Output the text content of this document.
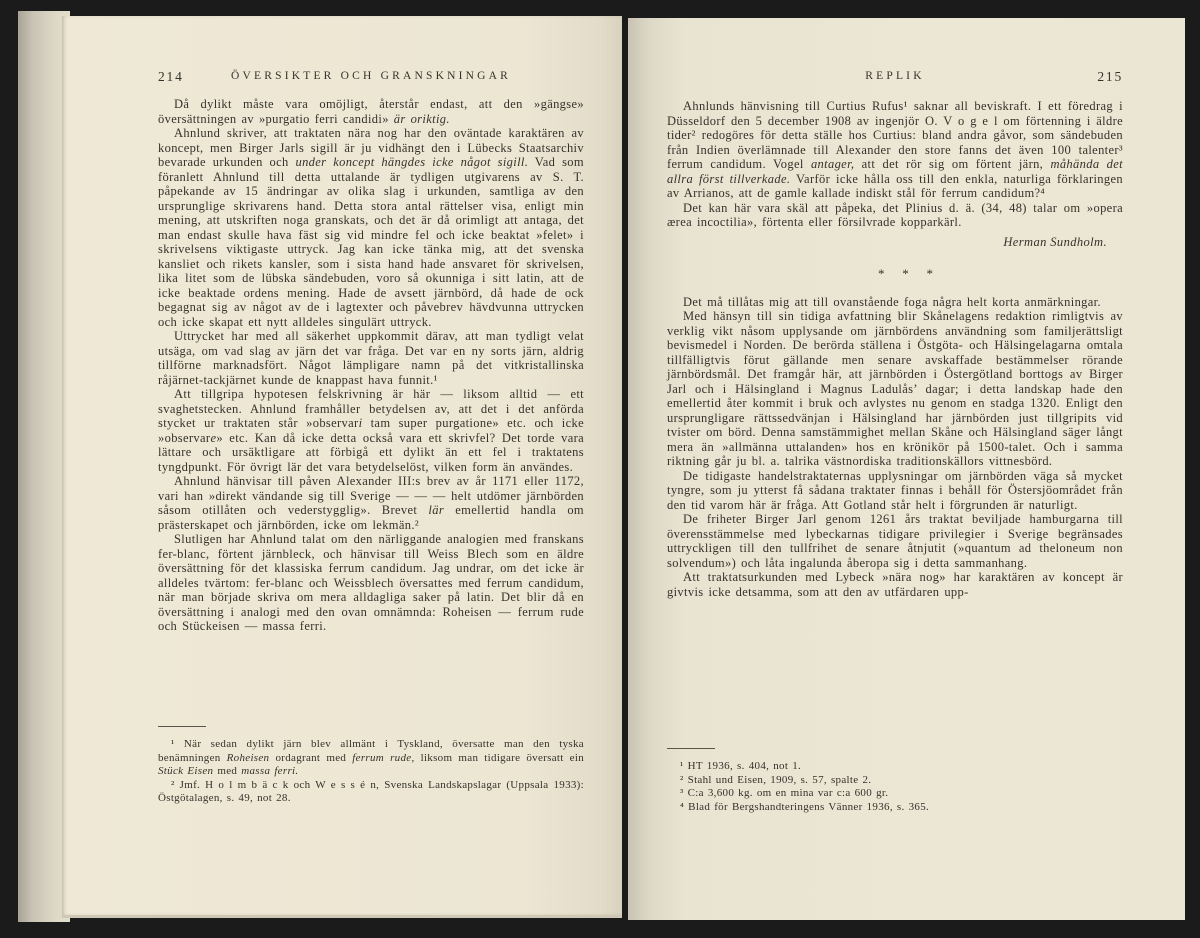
214	ÖVERSIKTER OCH GRANSKNINGAR

Då dylikt måste vara omöjligt, återstår endast, att den »gängse» översättningen av »purgatio ferri candidi» är oriktig.

Ahnlund skriver, att traktaten nära nog har den oväntade karaktären av koncept, men Birger Jarls sigill är ju vidhängt den i Lübecks Staatsarchiv bevarade urkunden och under koncept hängdes icke något sigill. Vad som föranlett Ahnlund till detta uttalande är tydligen utgivarens av S. T. påpekande av 15 ändringar av olika slag i urkunden, samtliga av den ursprunglige skrivarens hand. Detta stora antal rättelser visa, enligt min mening, att utskriften noga granskats, och det är då orimligt att antaga, det man endast skulle hava fäst sig vid mindre fel och icke beaktat »felet» i skrivelsens viktigaste uttryck. Jag kan icke tänka mig, att det svenska kansliet och rikets kansler, som i sista hand hade ansvaret för skrivelsen, lika litet som de lübska sändebuden, voro så okunniga i sitt latin, att de icke beaktade ordens mening. Hade de avsett järnbörd, då hade de ock begagnat sig av något av de i lagtexter och påvebrev hävdvunna uttrycken och icke skapat ett nytt alldeles singulärt uttryck.

Uttrycket har med all säkerhet uppkommit därav, att man tydligt velat utsäga, om vad slag av järn det var fråga. Det var en ny sorts järn, aldrig tillförne marknadsfört. Något lämpligare namn på det vitkristallinska råjärnet-tackjärnet kunde de knappast hava funnit.¹

Att tillgripa hypotesen felskrivning är här — liksom alltid — ett svaghetstecken. Ahnlund framhåller betydelsen av, att det i det anförda stycket ur traktaten står »observari tam super purgatione» etc. och icke »observare» etc. Kan då icke detta också vara ett skrivfel? Det torde vara lättare och ursäktligare att förbigå ett dylikt än ett fel i traktatens tyngdpunkt. För övrigt lär det vara betydelselöst, vilken form än användes.

Ahnlund hänvisar till påven Alexander III:s brev av år 1171 eller 1172, vari han »direkt vändande sig till Sverige — — — helt utdömer järnbörden såsom otillåten och vederstygglig». Brevet lär emellertid handla om prästerskapet och järnbörden, icke om lekmän.²

Slutligen har Ahnlund talat om den närliggande analogien med franskans fer-blanc, förtent järnbleck, och hänvisar till Weiss Blech som en äldre översättning för det klassiska ferrum candidum. Jag undrar, om det icke är alldeles tvärtom: fer-blanc och Weissblech översattes med ferrum candidum, när man började skriva om mera alldagliga saker på latin. Det blir då en översättning i analogi med den ovan omnämnda: Roheisen — ferrum rude och Stückeisen — massa ferri.

¹ När sedan dylikt järn blev allmänt i Tyskland, översatte man den tyska benämningen Roheisen ordagrant med ferrum rude, liksom man tidigare översatt ein Stück Eisen med massa ferri.

² Jmf. H o l m b ä c k och W e s s é n, Svenska Landskapslagar (Uppsala 1933): Östgötalagen, s. 49, not 28.

REPLIK	215

Ahnlunds hänvisning till Curtius Rufus¹ saknar all beviskraft. I ett föredrag i Düsseldorf den 5 december 1908 av ingenjör O. V o g e l om förtenning i äldre tider² redogöres för detta ställe hos Curtius: bland andra gåvor, som sändebuden från Indien överlämnade till Alexander den store fanns det även 100 talenter³ ferrum candidum. Vogel antager, att det rör sig om förtent järn, måhända det allra först tillverkade. Varför icke hålla oss till den enkla, naturliga förklaringen av Arrianos, att de gamle kallade indiskt stål för ferrum candidum?⁴

Det kan här vara skäl att påpeka, det Plinius d. ä. (34, 48) talar om »opera ærea incoctilia», förtenta eller försilvrade kopparkärl.

Herman Sundholm.
*   *   *

Det må tillåtas mig att till ovanstående foga några helt korta anmärkningar.

Med hänsyn till sin tidiga avfattning blir Skånelagens redaktion rimligtvis av verklig vikt nåsom upplysande om järnbördens användning som familjerättsligt bevismedel i Norden. De berörda ställena i Östgöta- och Hälsingelagarna omtala tillfälligtvis förut gällande men senare avskaffade bestämmelser rörande järnbördsmål. Det framgår här, att järnbörden i Östergötland borttogs av Birger Jarl och i Hälsingland i Magnus Ladulås’ dagar; i detta landskap hade den emellertid åter kommit i bruk och avlystes nu genom en stadga 1320. Enligt den ursprungligare rättssedvänjan i Hälsingland har järnbörden just tillgripits vid tvister om börd. Denna samstämmighet mellan Skåne och Hälsingland säger långt mera än »allmänna uttalanden» hos en krönikör på 1500-talet. Och i samma riktning går ju bl. a. talrika västnordiska traditionskällors vittnesbörd.

De tidigaste handelstraktaternas upplysningar om järnbörden väga så mycket tyngre, som ju ytterst få sådana traktater finnas i behåll för Östersjöområdet från den tid varom här är fråga. Att Gotland står helt i förgrunden är naturligt.

De friheter Birger Jarl genom 1261 års traktat beviljade hamburgarna till överensstämmelse med lybeckarnas tidigare privilegier i Sverige begränsades uttryckligen till den tullfrihet de senare åtnjutit (»quantum ad theloneum non solvendum») och låta ingalunda åberopa sig i detta sammanhang.

Att traktatsurkunden med Lybeck »nära nog» har karaktären av koncept är givtvis icke detsamma, som att den av utfärdaren upp-

¹ HT 1936, s. 404, not 1.

² Stahl und Eisen, 1909, s. 57, spalte 2.

³ C:a 3,600 kg. om en mina var c:a 600 gr.

⁴ Blad för Bergshandteringens Vänner 1936, s. 365.
